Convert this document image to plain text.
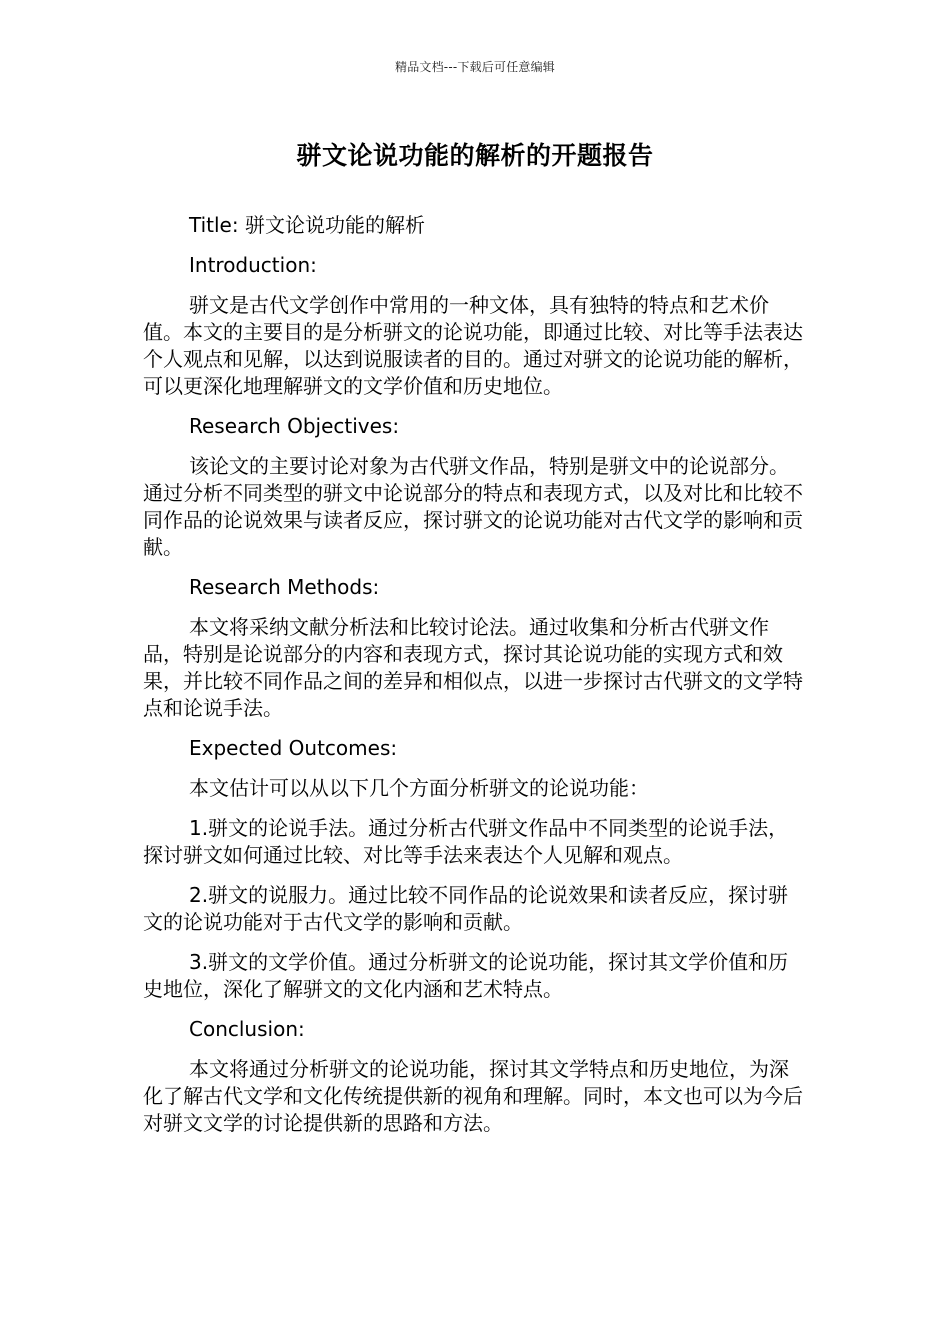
精品文档---下载后可任意编辑
骈文论说功能的解析的开题报告

Title: 骈文论说功能的解析

Introduction:

骈文是古代文学创作中常用的一种文体，具有独特的特点和艺术价值。本文的主要目的是分析骈文的论说功能，即通过比较、对比等手法表达个人观点和见解，以达到说服读者的目的。通过对骈文的论说功能的解析，可以更深化地理解骈文的文学价值和历史地位。

Research Objectives:

该论文的主要讨论对象为古代骈文作品，特别是骈文中的论说部分。通过分析不同类型的骈文中论说部分的特点和表现方式，以及对比和比较不同作品的论说效果与读者反应，探讨骈文的论说功能对古代文学的影响和贡献。

Research Methods:

本文将采纳文献分析法和比较讨论法。通过收集和分析古代骈文作品，特别是论说部分的内容和表现方式，探讨其论说功能的实现方式和效果，并比较不同作品之间的差异和相似点，以进一步探讨古代骈文的文学特点和论说手法。

Expected Outcomes:

本文估计可以从以下几个方面分析骈文的论说功能：

1.骈文的论说手法。通过分析古代骈文作品中不同类型的论说手法，探讨骈文如何通过比较、对比等手法来表达个人见解和观点。

2.骈文的说服力。通过比较不同作品的论说效果和读者反应，探讨骈文的论说功能对于古代文学的影响和贡献。

3.骈文的文学价值。通过分析骈文的论说功能，探讨其文学价值和历史地位，深化了解骈文的文化内涵和艺术特点。

Conclusion:

本文将通过分析骈文的论说功能，探讨其文学特点和历史地位，为深化了解古代文学和文化传统提供新的视角和理解。同时，本文也可以为今后对骈文文学的讨论提供新的思路和方法。
